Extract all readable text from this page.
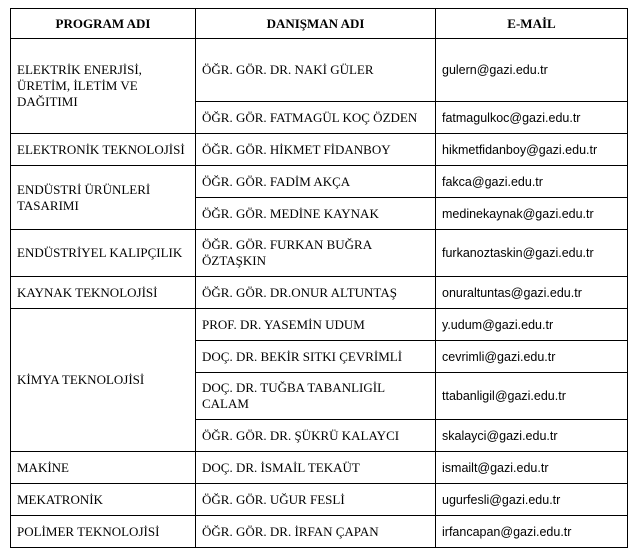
PROGRAM ADI	DANIŞMAN ADI	E-MAİL
ELEKTRİK ENERJİSİ, ÜRETİM, İLETİM VE DAĞITIMI	ÖĞR. GÖR. DR. NAKİ GÜLER	gulern@gazi.edu.tr
	ÖĞR. GÖR. FATMAGÜL KOÇ ÖZDEN	fatmagulkoc@gazi.edu.tr
ELEKTRONİK TEKNOLOJİSİ	ÖĞR. GÖR. HİKMET FİDANBOY	hikmetfidanboy@gazi.edu.tr
ENDÜSTRİ ÜRÜNLERİ TASARIMI	ÖĞR. GÖR. FADİM AKÇA	fakca@gazi.edu.tr
	ÖĞR. GÖR. MEDİNE KAYNAK	medinekaynak@gazi.edu.tr
ENDÜSTRİYEL KALIPÇILIK	ÖĞR. GÖR. FURKAN BUĞRA ÖZTAŞKIN	furkanoztaskin@gazi.edu.tr
KAYNAK TEKNOLOJİSİ	ÖĞR. GÖR. DR.ONUR ALTUNTAŞ	onuraltuntas@gazi.edu.tr
KİMYA TEKNOLOJİSİ	PROF. DR. YASEMİN UDUM	y.udum@gazi.edu.tr
	DOÇ. DR. BEKİR SITKI ÇEVRİMLİ	cevrimli@gazi.edu.tr
	DOÇ. DR. TUĞBA TABANLIGİL CALAM	ttabanligil@gazi.edu.tr
	ÖĞR. GÖR. DR. ŞÜKRÜ KALAYCI	skalayci@gazi.edu.tr
MAKİNE	DOÇ. DR. İSMAİL TEKAÜT	ismailt@gazi.edu.tr
MEKATRONİK	ÖĞR. GÖR. UĞUR FESLİ	ugurfesli@gazi.edu.tr
POLİMER TEKNOLOJİSİ	ÖĞR. GÖR. DR. İRFAN ÇAPAN	irfancapan@gazi.edu.tr
